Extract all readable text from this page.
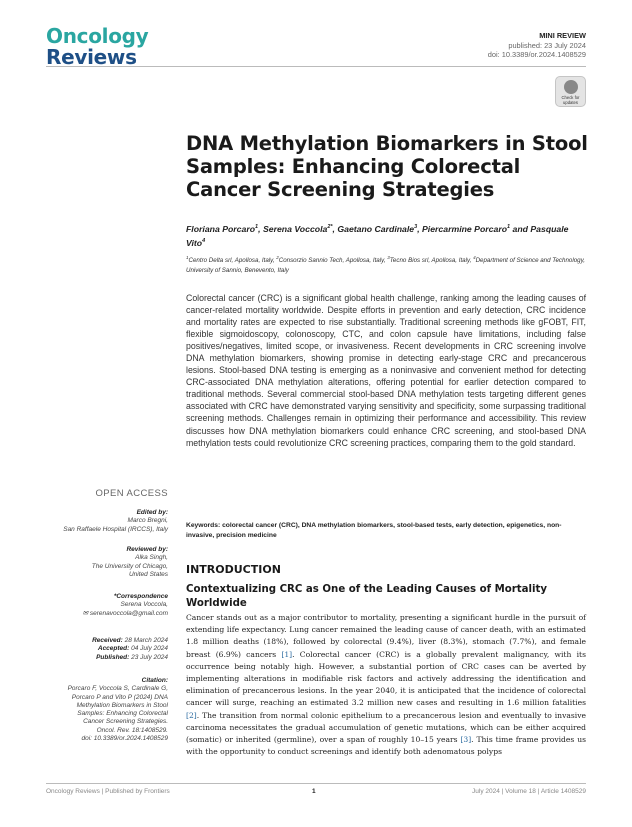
Oncology
Reviews
MINI REVIEW
published: 23 July 2024
doi: 10.3389/or.2024.1408529
Check for
updates
DNA Methylation Biomarkers in Stool Samples: Enhancing Colorectal Cancer Screening Strategies
Floriana Porcaro$^1$, Serena Voccola$^{2*}$, Gaetano Cardinale$^3$, Piercarmine Porcaro$^1$ and Pasquale Vito$^4$
$^1$Centro Delta srl, Apollosa, Italy, $^2$Consorzio Sannio Tech, Apollosa, Italy, $^3$Tecno Bios srl, Apollosa, Italy, $^4$Department of Science and Technology, University of Sannio, Benevento, Italy
Colorectal cancer (CRC) is a significant global health challenge, ranking among the leading causes of cancer-related mortality worldwide. Despite efforts in prevention and early detection, CRC incidence and mortality rates are expected to rise substantially. Traditional screening methods like gFOBT, FIT, flexible sigmoidoscopy, colonoscopy, CTC, and colon capsule have limitations, including false positives/negatives, limited scope, or invasiveness. Recent developments in CRC screening involve DNA methylation biomarkers, showing promise in detecting early-stage CRC and precancerous lesions. Stool-based DNA testing is emerging as a noninvasive and convenient method for detecting CRC-associated DNA methylation alterations, offering potential for earlier detection compared to traditional methods. Several commercial stool-based DNA methylation tests targeting different genes associated with CRC have demonstrated varying sensitivity and specificity, some surpassing traditional screening methods. Challenges remain in optimizing their performance and accessibility. This review discusses how DNA methylation biomarkers could enhance CRC screening, and stool-based DNA methylation tests could revolutionize CRC screening practices, comparing them to the gold standard.
Keywords: colorectal cancer (CRC), DNA methylation biomarkers, stool-based tests, early detection, epigenetics, non-invasive, precision medicine
OPEN ACCESS
Edited by:
Marco Bregni,
San Raffaele Hospital (IRCCS), Italy
Reviewed by:
Alka Singh,
The University of Chicago,
United States
*Correspondence
Serena Voccola,
✉ serenavoccola@gmail.com
Received: 28 March 2024
Accepted: 04 July 2024
Published: 23 July 2024
Citation:
Porcaro F, Voccola S, Cardinale G,
Porcaro P and Vito P (2024) DNA
Methylation Biomarkers in Stool
Samples: Enhancing Colorectal
Cancer Screening Strategies.
Oncol. Rev. 18:1408529.
doi: 10.3389/or.2024.1408529
INTRODUCTION
Contextualizing CRC as One of the Leading Causes of Mortality Worldwide
Cancer stands out as a major contributor to mortality, presenting a significant hurdle in the pursuit of extending life expectancy. Lung cancer remained the leading cause of cancer death, with an estimated 1.8 million deaths (18%), followed by colorectal (9.4%), liver (8.3%), stomach (7.7%), and female breast (6.9%) cancers [1]. Colorectal cancer (CRC) is a globally prevalent malignancy, with its occurrence being notably high. However, a substantial portion of CRC cases can be averted by implementing alterations in modifiable risk factors and actively addressing the identification and elimination of precancerous lesions. In the year 2040, it is anticipated that the incidence of colorectal cancer will surge, reaching an estimated 3.2 million new cases and resulting in 1.6 million fatalities [2]. The transition from normal colonic epithelium to a precancerous lesion and eventually to invasive carcinoma necessitates the gradual accumulation of genetic mutations, which can be either acquired (somatic) or inherited (germline), over a span of roughly 10–15 years [3]. This time frame provides us with the opportunity to conduct screenings and identify both adenomatous polyps
Oncology Reviews | Published by Frontiers	1	July 2024 | Volume 18 | Article 1408529
